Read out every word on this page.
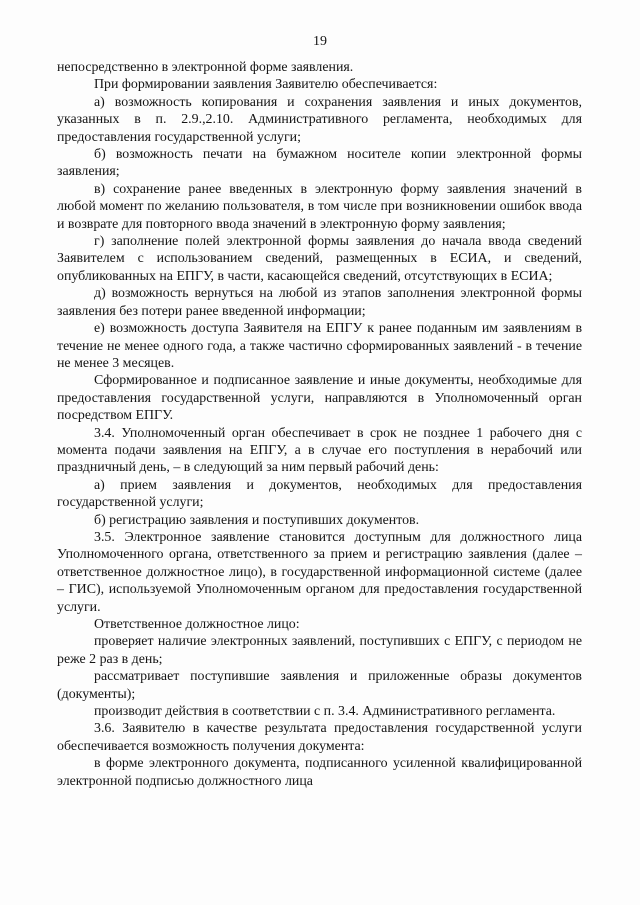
19

непосредственно в электронной форме заявления.

При формировании заявления Заявителю обеспечивается:

а) возможность копирования и сохранения заявления и иных документов, указанных в п. 2.9.,2.10. Административного регламента, необходимых для предоставления государственной услуги;

б) возможность печати на бумажном носителе копии электронной формы заявления;

в) сохранение ранее введенных в электронную форму заявления значений в любой момент по желанию пользователя, в том числе при возникновении ошибок ввода и возврате для повторного ввода значений в электронную форму заявления;

г) заполнение полей электронной формы заявления до начала ввода сведений Заявителем с использованием сведений, размещенных в ЕСИА, и сведений, опубликованных на ЕПГУ, в части, касающейся сведений, отсутствующих в ЕСИА;

д) возможность вернуться на любой из этапов заполнения электронной формы заявления без потери ранее введенной информации;

е) возможность доступа Заявителя на ЕПГУ к ранее поданным им заявлениям в течение не менее одного года, а также частично сформированных заявлений - в течение не менее 3 месяцев.

Сформированное и подписанное заявление и иные документы, необходимые для предоставления государственной услуги, направляются в Уполномоченный орган посредством ЕПГУ.

3.4. Уполномоченный орган обеспечивает в срок не позднее 1 рабочего дня с момента подачи заявления на ЕПГУ, а в случае его поступления в нерабочий или праздничный день, – в следующий за ним первый рабочий день:

а) прием заявления и документов, необходимых для предоставления государственной услуги;

б) регистрацию заявления и поступивших документов.

3.5. Электронное заявление становится доступным для должностного лица Уполномоченного органа, ответственного за прием и регистрацию заявления (далее – ответственное должностное лицо), в государственной информационной системе (далее – ГИС), используемой Уполномоченным органом для предоставления государственной услуги.

Ответственное должностное лицо:

проверяет наличие электронных заявлений, поступивших с ЕПГУ, с периодом не реже 2 раз в день;

рассматривает поступившие заявления и приложенные образы документов (документы);

производит действия в соответствии с п. 3.4. Административного регламента.

3.6. Заявителю в качестве результата предоставления государственной услуги обеспечивается возможность получения документа:

в форме электронного документа, подписанного усиленной квалифицированной электронной подписью должностного лица
